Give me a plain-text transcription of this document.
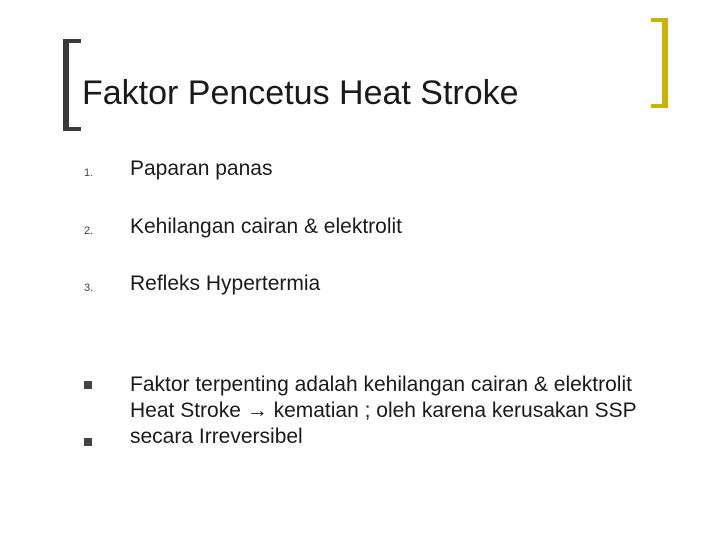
Faktor Pencetus Heat Stroke
1. Paparan panas
2. Kehilangan cairan & elektrolit
3. Refleks Hypertermia
Faktor terpenting adalah kehilangan cairan & elektrolit
Heat Stroke → kematian ; oleh karena kerusakan SSP secara Irreversibel
